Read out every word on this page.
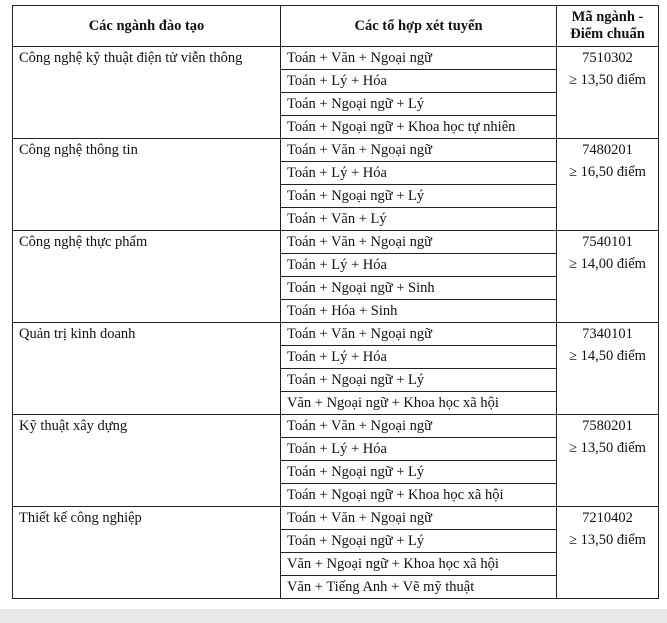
Các ngành đào tạo	Các tổ hợp xét tuyển	Mã ngành -
Điểm chuẩn
Công nghệ kỹ thuật điện tử viễn thông	Toán + Văn + Ngoại ngữ	7510302
≥ 13,50 điểm

	Toán + Lý + Hóa	
	Toán + Ngoại ngữ + Lý	
	Toán + Ngoại ngữ + Khoa học tự nhiên	
Công nghệ thông tin	Toán + Văn + Ngoại ngữ	7480201
≥ 16,50 điểm

	Toán + Lý + Hóa	
	Toán + Ngoại ngữ + Lý	
	Toán + Văn + Lý	
Công nghệ thực phẩm	Toán + Văn + Ngoại ngữ	7540101
≥ 14,00 điểm

	Toán + Lý + Hóa	
	Toán + Ngoại ngữ + Sinh	
	Toán + Hóa + Sinh	
Quản trị kinh doanh	Toán + Văn + Ngoại ngữ	7340101
≥ 14,50 điểm

	Toán + Lý + Hóa	
	Toán + Ngoại ngữ + Lý	
	Văn + Ngoại ngữ + Khoa học xã hội	
Kỹ thuật xây dựng	Toán + Văn + Ngoại ngữ	7580201
≥ 13,50 điểm

	Toán + Lý + Hóa	
	Toán + Ngoại ngữ + Lý	
	Toán + Ngoại ngữ + Khoa học xã hội	
Thiết kế công nghiệp	Toán + Văn + Ngoại ngữ	7210402
≥ 13,50 điểm

	Toán + Ngoại ngữ + Lý	
	Văn + Ngoại ngữ + Khoa học xã hội	
	Văn + Tiếng Anh + Vẽ mỹ thuật	
